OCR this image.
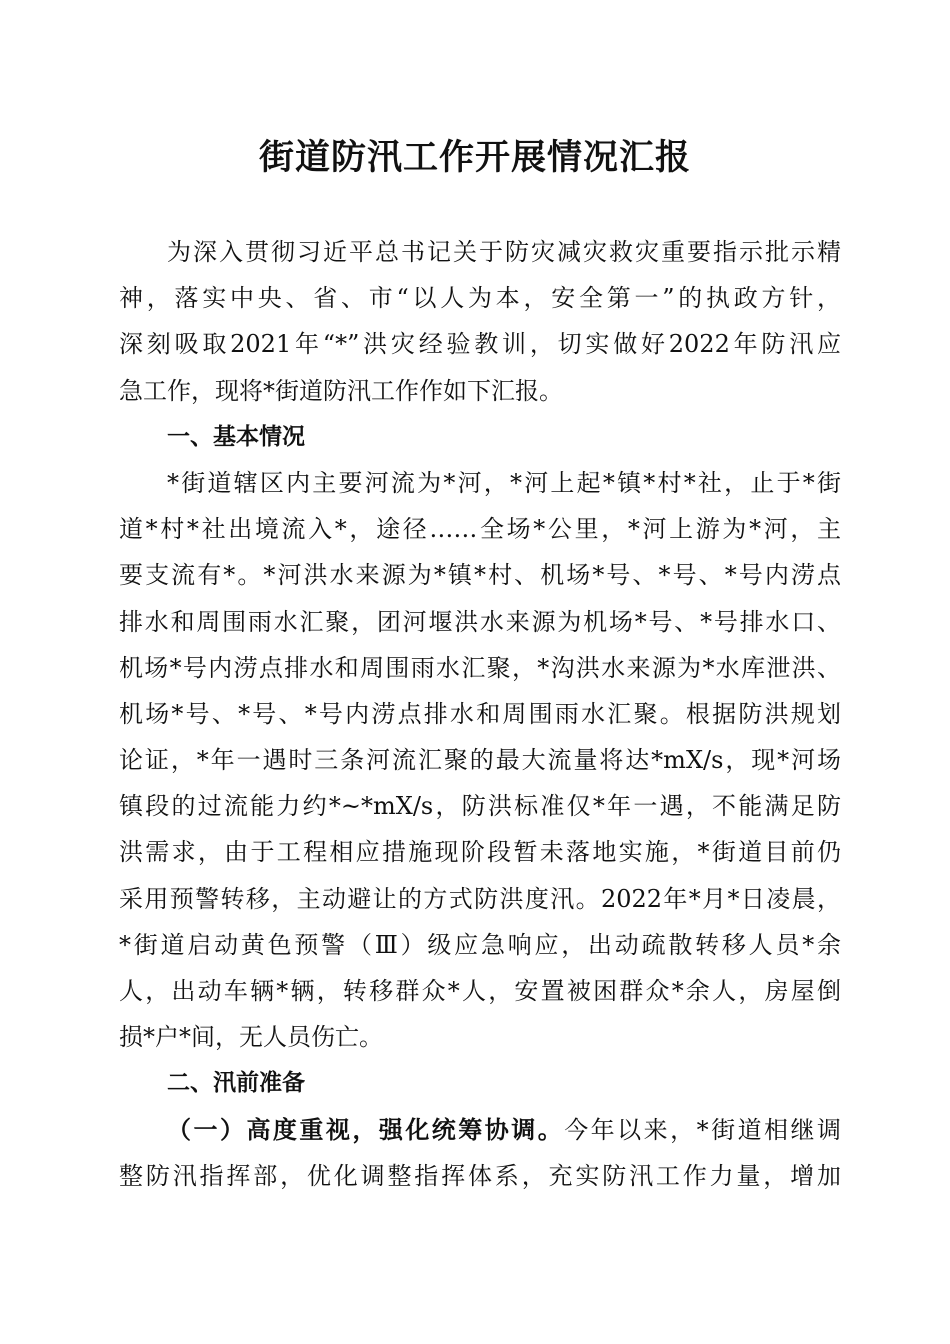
街道防汛工作开展情况汇报
为深入贯彻习近平总书记关于防灾减灾救灾重要指示批示精
神，落实中央、省、市“以人为本，安全第一”的执政方针，
深刻吸取2021年“*”洪灾经验教训，切实做好2022年防汛应
急工作，现将*街道防汛工作作如下汇报。
一、基本情况
*街道辖区内主要河流为*河，*河上起*镇*村*社，止于*街
道*村*社出境流入*，途径……全场*公里，*河上游为*河，主
要支流有*。*河洪水来源为*镇*村、机场*号、*号、*号内涝点
排水和周围雨水汇聚，团河堰洪水来源为机场*号、*号排水口、
机场*号内涝点排水和周围雨水汇聚，*沟洪水来源为*水库泄洪、
机场*号、*号、*号内涝点排水和周围雨水汇聚。根据防洪规划
论证，*年一遇时三条河流汇聚的最大流量将达*mX/s，现*河场
镇段的过流能力约*~*mX/s，防洪标准仅*年一遇，不能满足防
洪需求，由于工程相应措施现阶段暂未落地实施，*街道目前仍
采用预警转移，主动避让的方式防洪度汛。2022年*月*日凌晨，
*街道启动黄色预警（Ⅲ）级应急响应，出动疏散转移人员*余
人，出动车辆*辆，转移群众*人，安置被困群众*余人，房屋倒
损*户*间，无人员伤亡。
二、汛前准备
（一）高度重视，强化统筹协调。今年以来，*街道相继调
整防汛指挥部，优化调整指挥体系，充实防汛工作力量，增加
